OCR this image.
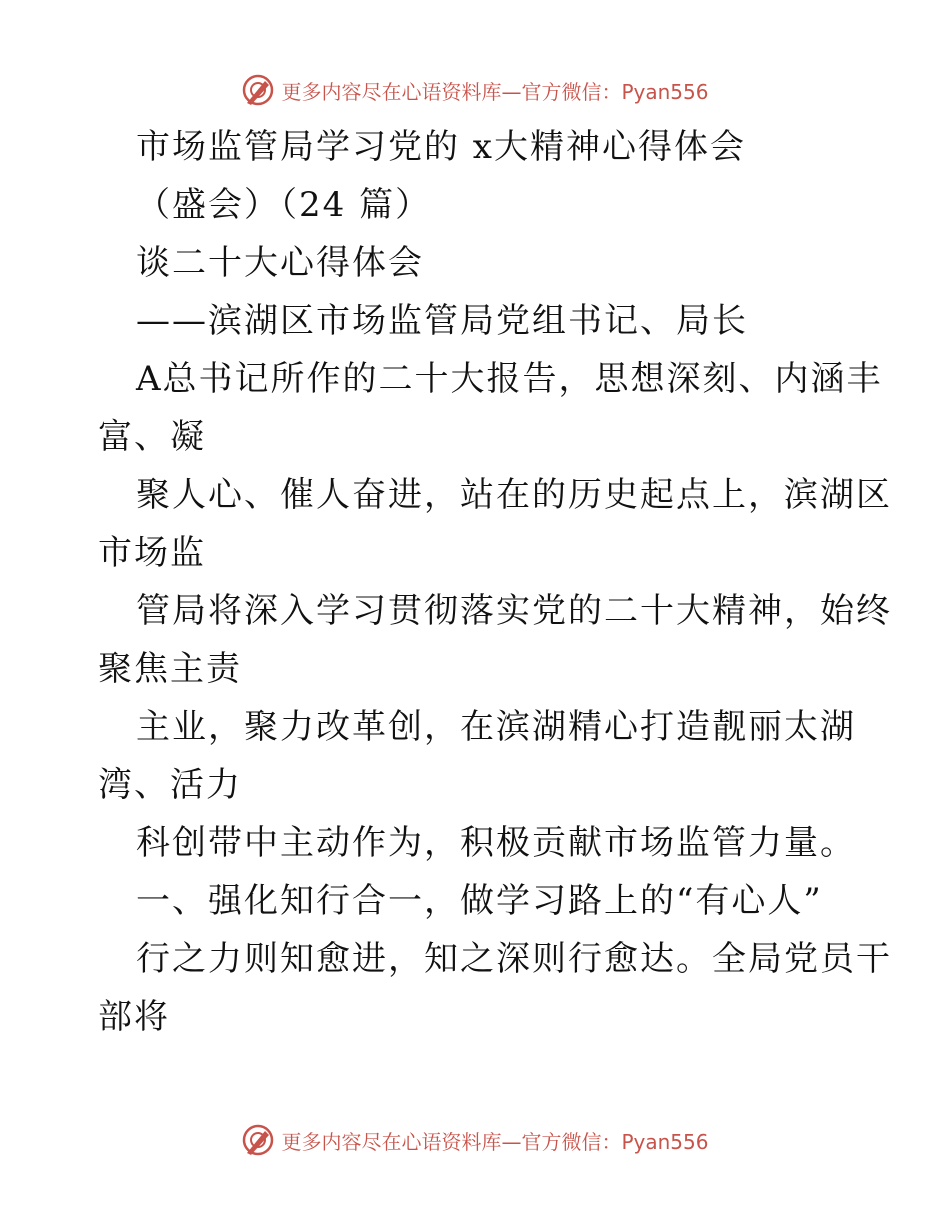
更多内容尽在心语资料库—官方微信：Pyan556
市场监管局学习党的 x大精神心得体会
（盛会）（24 篇）
谈二十大心得体会
——滨湖区市场监管局党组书记、局长
A总书记所作的二十大报告，思想深刻、内涵丰
富、凝
聚人心、催人奋进，站在的历史起点上，滨湖区
市场监
管局将深入学习贯彻落实党的二十大精神，始终
聚焦主责
主业，聚力改革创，在滨湖精心打造靓丽太湖
湾、活力
科创带中主动作为，积极贡献市场监管力量。
一、强化知行合一，做学习路上的“有心人”
行之力则知愈进，知之深则行愈达。全局党员干
部将
更多内容尽在心语资料库—官方微信：Pyan556
